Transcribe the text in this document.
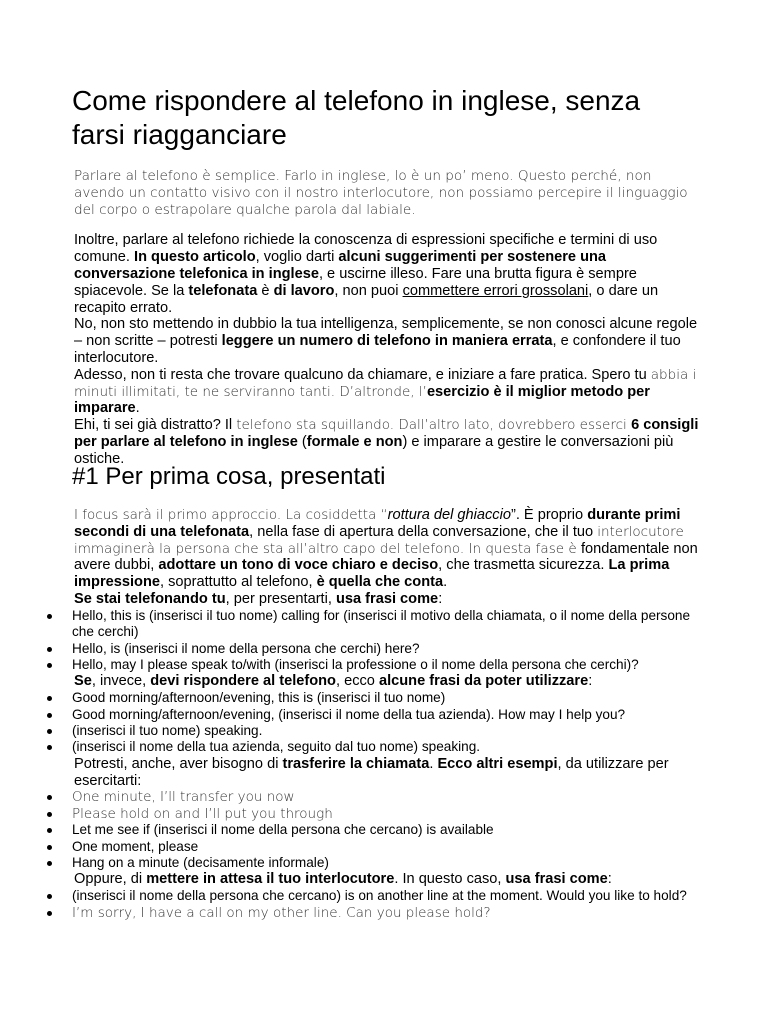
Come rispondere al telefono in inglese, senza farsi riagganciare

Parlare al telefono è semplice. Farlo in inglese, lo è un po’ meno. Questo perché, non avendo un contatto visivo con il nostro interlocutore, non possiamo percepire il linguaggio del corpo o estrapolare qualche parola dal labiale.

Inoltre, parlare al telefono richiede la conoscenza di espressioni specifiche e termini di uso comune. In questo articolo, voglio darti alcuni suggerimenti per sostenere una conversazione telefonica in inglese, e uscirne illeso. Fare una brutta figura è sempre spiacevole. Se la telefonata è di lavoro, non puoi commettere errori grossolani, o dare un recapito errato.

No, non sto mettendo in dubbio la tua intelligenza, semplicemente, se non conosci alcune regole – non scritte – potresti leggere un numero di telefono in maniera errata, e confondere il tuo interlocutore.

Adesso, non ti resta che trovare qualcuno da chiamare, e iniziare a fare pratica. Spero tu abbia i minuti illimitati, te ne serviranno tanti. D’altronde, l’esercizio è il miglior metodo per imparare.

Ehi, ti sei già distratto? Il telefono sta squillando. Dall’altro lato, dovrebbero esserci 6 consigli per parlare al telefono in inglese (formale e non) e imparare a gestire le conversazioni più ostiche.

#1 Per prima cosa, presentati

I focus sarà il primo approccio. La cosiddetta “rottura del ghiaccio”. È proprio durante primi secondi di una telefonata, nella fase di apertura della conversazione, che il tuo interlocutore immaginerà la persona che sta all’altro capo del telefono. In questa fase è fondamentale non avere dubbi, adottare un tono di voce chiaro e deciso, che trasmetta sicurezza. La prima impressione, soprattutto al telefono, è quella che conta.

Se stai telefonando tu, per presentarti, usa frasi come:

Hello, this is (inserisci il tuo nome) calling for (inserisci il motivo della chiamata, o il nome della persone che cerchi)
Hello, is (inserisci il nome della persona che cerchi) here?
Hello, may I please speak to/with (inserisci la professione o il nome della persona che cerchi)?

Se, invece, devi rispondere al telefono, ecco alcune frasi da poter utilizzare:

Good morning/afternoon/evening, this is (inserisci il tuo nome)
Good morning/afternoon/evening, (inserisci il nome della tua azienda). How may I help you?
(inserisci il tuo nome) speaking.
(inserisci il nome della tua azienda, seguito dal tuo nome) speaking.

Potresti, anche, aver bisogno di trasferire la chiamata. Ecco altri esempi, da utilizzare per esercitarti:

One minute, I’ll transfer you now
Please hold on and I’ll put you through
Let me see if (inserisci il nome della persona che cercano) is available
One moment, please
Hang on a minute (decisamente informale)

Oppure, di mettere in attesa il tuo interlocutore. In questo caso, usa frasi come:

(inserisci il nome della persona che cercano) is on another line at the moment. Would you like to hold?
I’m sorry, I have a call on my other line. Can you please hold?
